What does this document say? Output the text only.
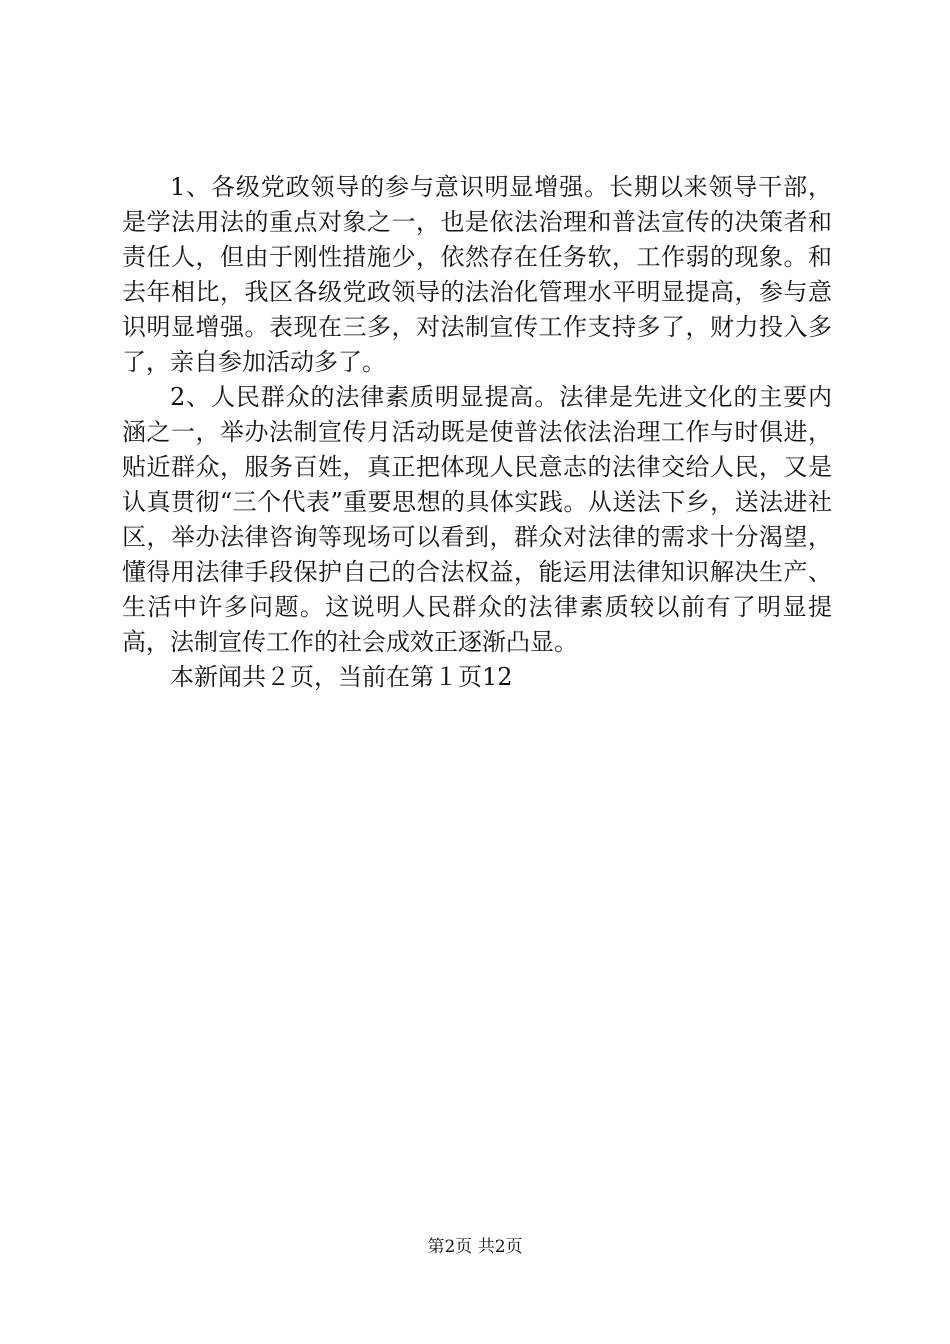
1、各级党政领导的参与意识明显增强。长期以来领导干部，是学法用法的重点对象之一，也是依法治理和普法宣传的决策者和责任人，但由于刚性措施少，依然存在任务软，工作弱的现象。和去年相比，我区各级党政领导的法治化管理水平明显提高，参与意识明显增强。表现在三多，对法制宣传工作支持多了，财力投入多了，亲自参加活动多了。

2、人民群众的法律素质明显提高。法律是先进文化的主要内涵之一，举办法制宣传月活动既是使普法依法治理工作与时俱进，贴近群众，服务百姓，真正把体现人民意志的法律交给人民，又是认真贯彻“三个代表”重要思想的具体实践。从送法下乡，送法进社区，举办法律咨询等现场可以看到，群众对法律的需求十分渴望，懂得用法律手段保护自己的合法权益，能运用法律知识解决生产、生活中许多问题。这说明人民群众的法律素质较以前有了明显提高，法制宣传工作的社会成效正逐渐凸显。

本新闻共２页，当前在第１页12

第2页 共2页
